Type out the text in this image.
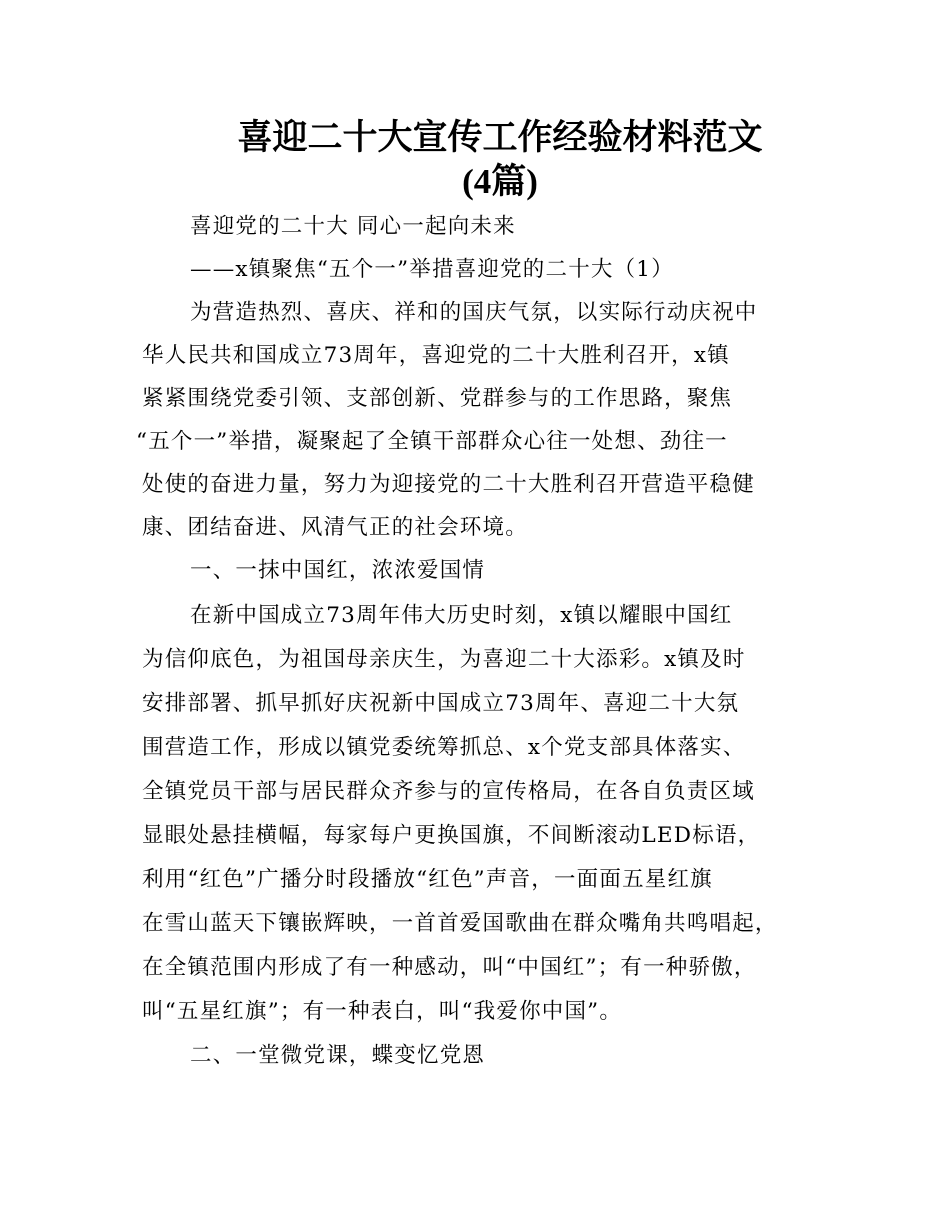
喜迎二十大宣传工作经验材料范文
(4篇)

喜迎党的二十大 同心一起向未来

——x镇聚焦“五个一”举措喜迎党的二十大（1）

为营造热烈、喜庆、祥和的国庆气氛，以实际行动庆祝中

华人民共和国成立73周年，喜迎党的二十大胜利召开，x镇

紧紧围绕党委引领、支部创新、党群参与的工作思路，聚焦

“五个一”举措，凝聚起了全镇干部群众心往一处想、劲往一

处使的奋进力量，努力为迎接党的二十大胜利召开营造平稳健

康、团结奋进、风清气正的社会环境。

一、一抹中国红，浓浓爱国情

在新中国成立73周年伟大历史时刻，x镇以耀眼中国红

为信仰底色，为祖国母亲庆生，为喜迎二十大添彩。x镇及时

安排部署、抓早抓好庆祝新中国成立73周年、喜迎二十大氛

围营造工作，形成以镇党委统筹抓总、x个党支部具体落实、

全镇党员干部与居民群众齐参与的宣传格局，在各自负责区域

显眼处悬挂横幅，每家每户更换国旗，不间断滚动LED标语，

利用“红色”广播分时段播放“红色”声音，一面面五星红旗

在雪山蓝天下镶嵌辉映，一首首爱国歌曲在群众嘴角共鸣唱起，

在全镇范围内形成了有一种感动，叫“中国红”；有一种骄傲，

叫“五星红旗”；有一种表白，叫“我爱你中国”。

二、一堂微党课，蝶变忆党恩
